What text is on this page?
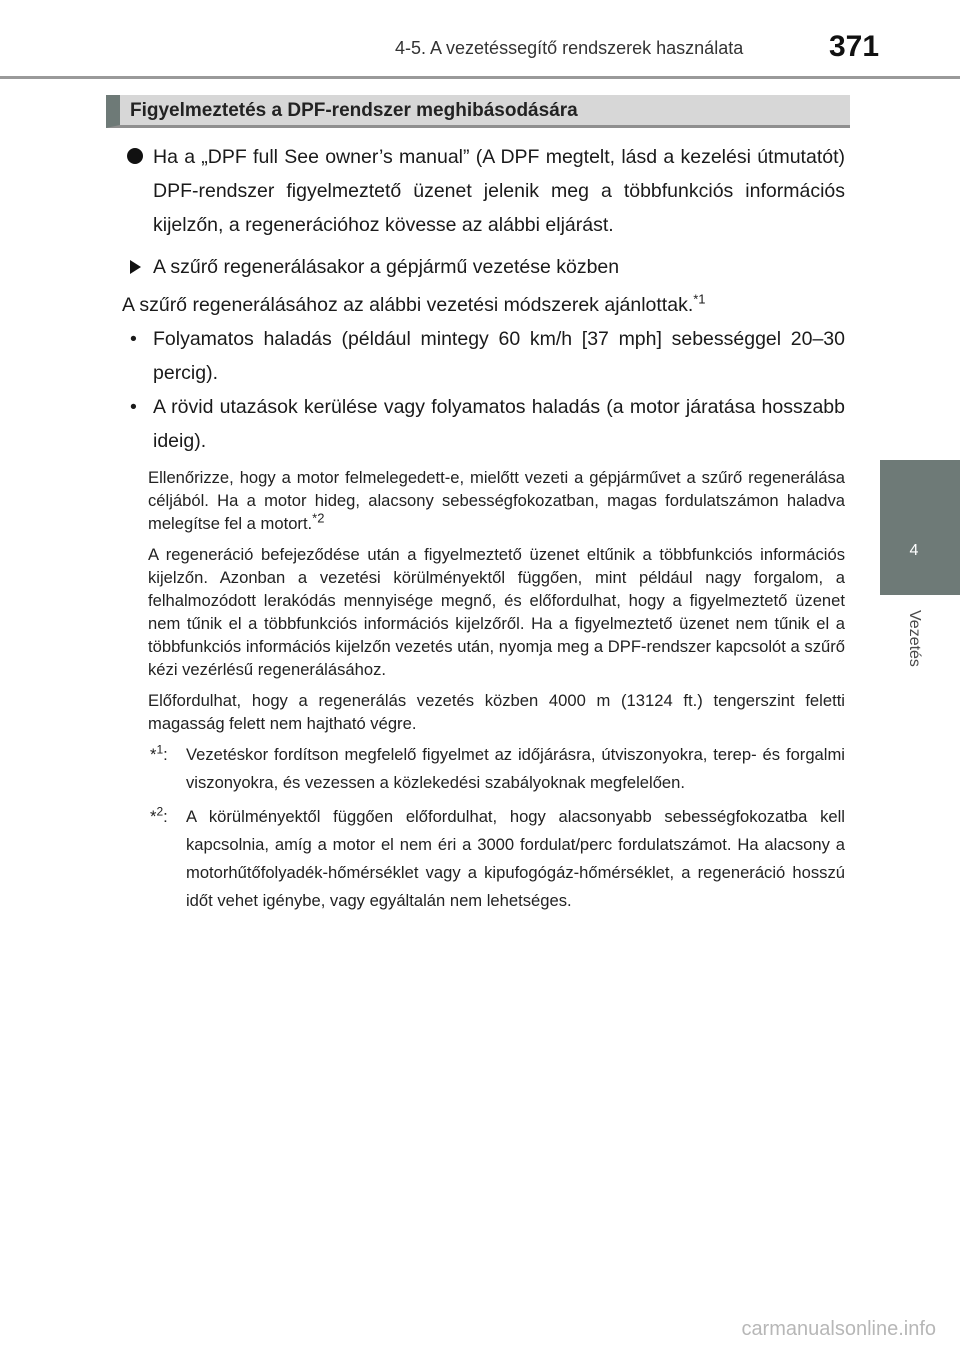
4-5. A vezetéssegítő rendszerek használata	371
4
Vezetés
Figyelmeztetés a DPF-rendszer meghibásodására
Ha a „DPF full See owner’s manual” (A DPF megtelt, lásd a kezelési útmutatót) DPF-rendszer figyelmeztető üzenet jelenik meg a többfunkciós információs kijelzőn, a regenerációhoz kövesse az alábbi eljárást.
A szűrő regenerálásakor a gépjármű vezetése közben
A szűrő regenerálásához az alábbi vezetési módszerek ajánlottak.$^{*1}$
• Folyamatos haladás (például mintegy 60 km/h [37 mph] sebességgel 20–30 percig).
• A rövid utazások kerülése vagy folyamatos haladás (a motor járatása hosszabb ideig).
Ellenőrizze, hogy a motor felmelegedett-e, mielőtt vezeti a gépjárművet a szűrő regenerálása céljából. Ha a motor hideg, alacsony sebességfokozatban, magas fordulatszámon haladva melegítse fel a motort.$^{*2}$
A regeneráció befejeződése után a figyelmeztető üzenet eltűnik a többfunkciós információs kijelzőn. Azonban a vezetési körülményektől függően, mint például nagy forgalom, a felhalmozódott lerakódás mennyisége megnő, és előfordulhat, hogy a figyelmeztető üzenet nem tűnik el a többfunkciós információs kijelzőről. Ha a figyelmeztető üzenet nem tűnik el a többfunkciós információs kijelzőn vezetés után, nyomja meg a DPF-rendszer kapcsolót a szűrő kézi vezérlésű regenerálásához.
Előfordulhat, hogy a regenerálás vezetés közben 4000 m (13124 ft.) tengerszint feletti magasság felett nem hajtható végre.
*$^1$: Vezetéskor fordítson megfelelő figyelmet az időjárásra, útviszonyokra, terep- és forgalmi viszonyokra, és vezessen a közlekedési szabályoknak megfelelően.
*$^2$: A körülményektől függően előfordulhat, hogy alacsonyabb sebességfokozatba kell kapcsolnia, amíg a motor el nem éri a 3000 fordulat/perc fordulatszámot. Ha alacsony a motorhűtőfolyadék-hőmérséklet vagy a kipufogógáz-hőmérséklet, a regeneráció hosszú időt vehet igénybe, vagy egyáltalán nem lehetséges.
carmanualsonline.info
